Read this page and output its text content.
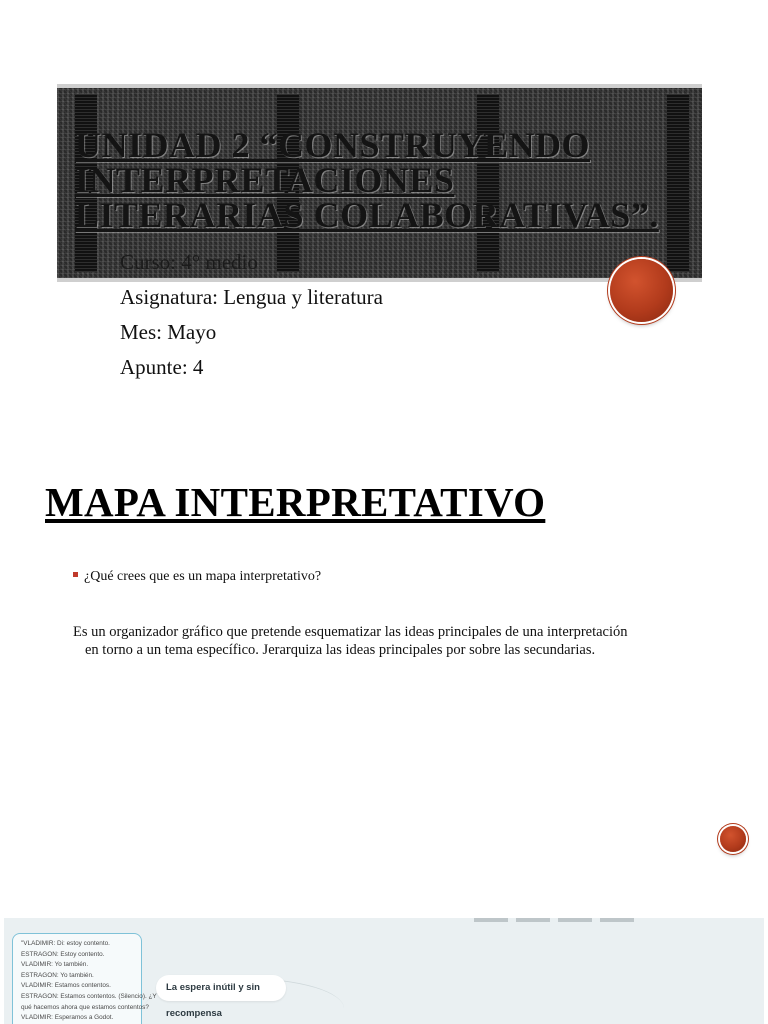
UNIDAD 2 “CONSTRUYENDO
INTERPRETACIONES
LITERARIAS COLABORATIVAS”.
Curso: 4° medio
Asignatura: Lengua y literatura
Mes: Mayo
Apunte: 4
MAPA INTERPRETATIVO
¿Qué crees que es un mapa interpretativo?
Es un organizador gráfico que pretende esquematizar las ideas principales de una interpretación
en torno a un tema específico. Jerarquiza las ideas principales por sobre las secundarias.
"VLADIMIR: Di: estoy contento.
ESTRAGON: Estoy contento.
VLADIMIR: Yo también.
ESTRAGON: Yo también.
VLADIMIR: Estamos contentos.
ESTRAGON: Estamos contentos. (Silencio). ¿Y
qué hacemos ahora que estamos contentos?
VLADIMIR: Esperamos a Godot.
La espera inútil y sin recompensa
